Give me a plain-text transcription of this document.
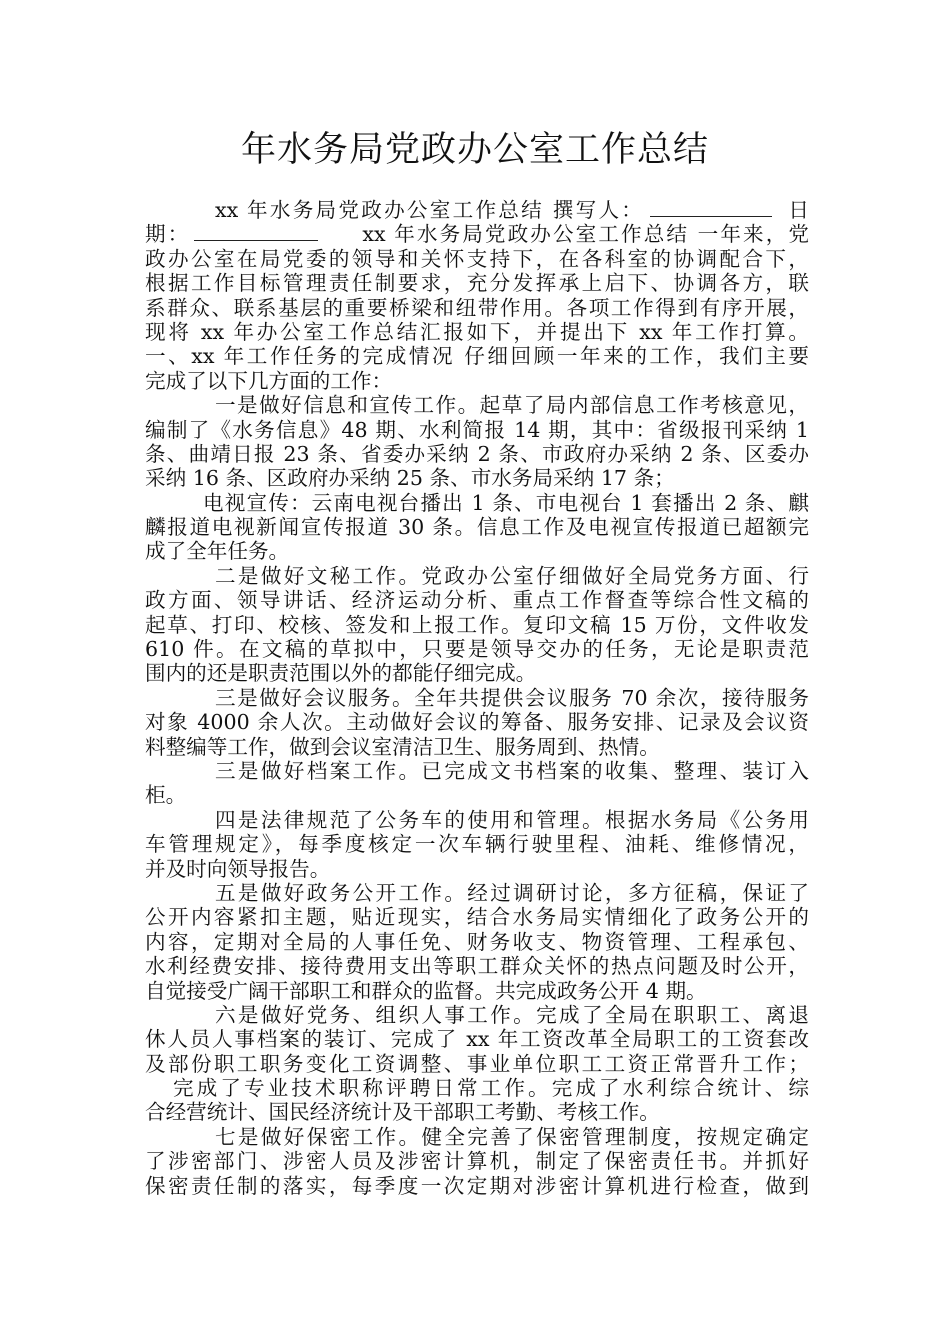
年水务局党政办公室工作总结
xx 年水务局党政办公室工作总结 撰写人：	日
期：	xx 年水务局党政办公室工作总结 一年来，党
政办公室在局党委的领导和关怀支持下，在各科室的协调配合下，
根据工作目标管理责任制要求，充分发挥承上启下、协调各方，联
系群众、联系基层的重要桥梁和纽带作用。各项工作得到有序开展，
现将 xx 年办公室工作总结汇报如下，并提出下 xx 年工作打算。
一、xx 年工作任务的完成情况 仔细回顾一年来的工作，我们主要
完成了以下几方面的工作：
一是做好信息和宣传工作。起草了局内部信息工作考核意见，
编制了《水务信息》48 期、水利简报 14 期，其中：省级报刊采纳 1
条、曲靖日报 23 条、省委办采纳 2 条、市政府办采纳 2 条、区委办
采纳 16 条、区政府办采纳 25 条、市水务局采纳 17 条；
电视宣传：云南电视台播出 1 条、市电视台 1 套播出 2 条、麒
麟报道电视新闻宣传报道 30 条。信息工作及电视宣传报道已超额完
成了全年任务。
二是做好文秘工作。党政办公室仔细做好全局党务方面、行
政方面、领导讲话、经济运动分析、重点工作督查等综合性文稿的
起草、打印、校核、签发和上报工作。复印文稿 15 万份，文件收发
610 件。在文稿的草拟中，只要是领导交办的任务，无论是职责范
围内的还是职责范围以外的都能仔细完成。
三是做好会议服务。全年共提供会议服务 70 余次，接待服务
对象 4000 余人次。主动做好会议的筹备、服务安排、记录及会议资
料整编等工作，做到会议室清洁卫生、服务周到、热情。
三是做好档案工作。已完成文书档案的收集、整理、装订入
柜。
四是法律规范了公务车的使用和管理。根据水务局《公务用
车管理规定》，每季度核定一次车辆行驶里程、油耗、维修情况，
并及时向领导报告。
五是做好政务公开工作。经过调研讨论，多方征稿，保证了
公开内容紧扣主题，贴近现实，结合水务局实情细化了政务公开的
内容，定期对全局的人事任免、财务收支、物资管理、工程承包、
水利经费安排、接待费用支出等职工群众关怀的热点问题及时公开，
自觉接受广阔干部职工和群众的监督。共完成政务公开 4 期。
六是做好党务、组织人事工作。完成了全局在职职工、离退
休人员人事档案的装订、完成了 xx 年工资改革全局职工的工资套改
及部份职工职务变化工资调整、事业单位职工工资正常晋升工作；
完成了专业技术职称评聘日常工作。完成了水利综合统计、综
合经营统计、国民经济统计及干部职工考勤、考核工作。
七是做好保密工作。健全完善了保密管理制度，按规定确定
了涉密部门、涉密人员及涉密计算机，制定了保密责任书。并抓好
保密责任制的落实，每季度一次定期对涉密计算机进行检查，做到
